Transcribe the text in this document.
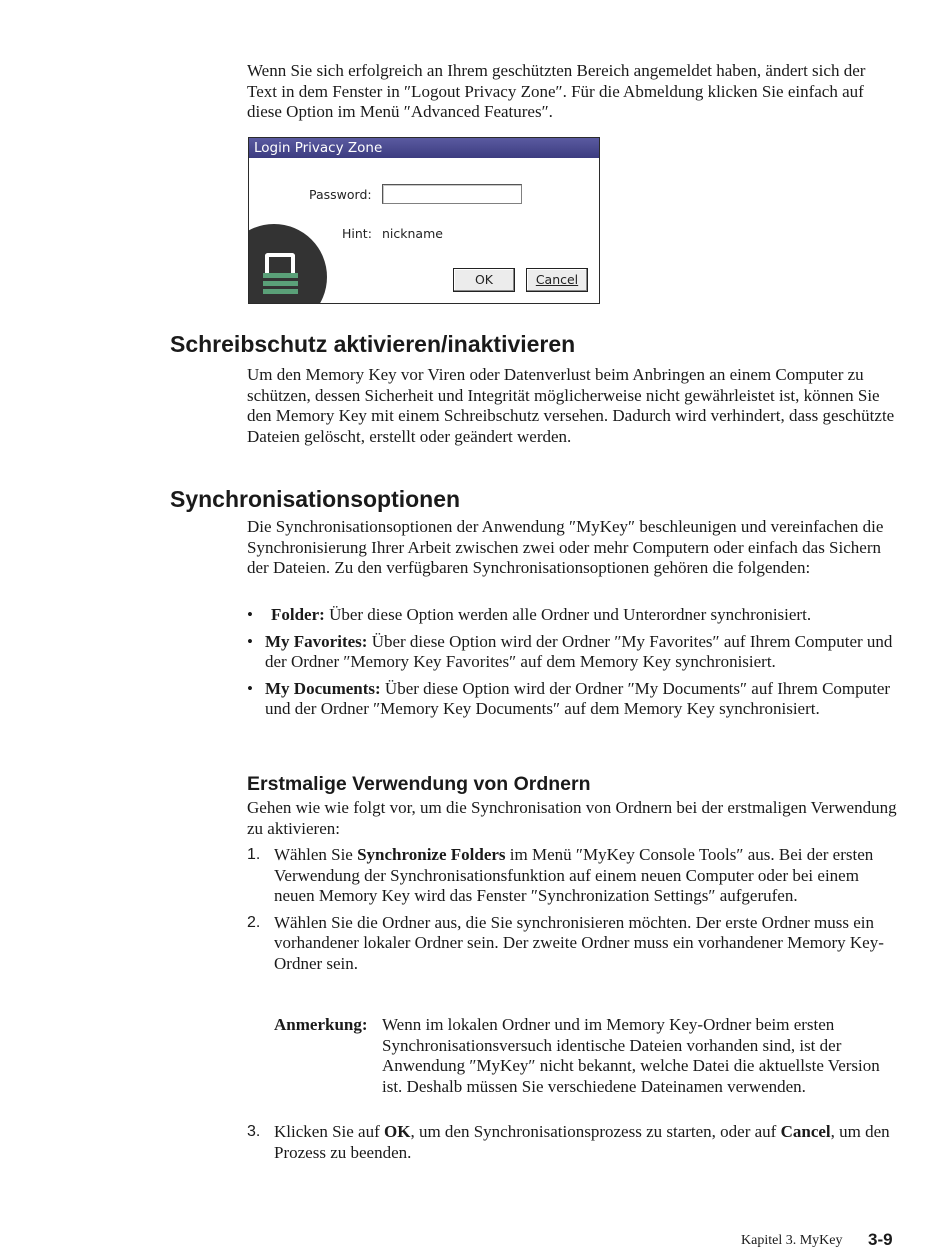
Wenn Sie sich erfolgreich an Ihrem geschützten Bereich angemeldet haben, ändert sich der Text in dem Fenster in ″Logout Privacy Zone″. Für die Abmeldung klicken Sie einfach auf diese Option im Menü ″Advanced Features″.

Login Privacy Zone
Password:
Hint: nickname
OK	Cancel
Schreibschutz aktivieren/inaktivieren

Um den Memory Key vor Viren oder Datenverlust beim Anbringen an einem Computer zu schützen, dessen Sicherheit und Integrität möglicherweise nicht gewährleistet ist, können Sie den Memory Key mit einem Schreibschutz versehen. Dadurch wird verhindert, dass geschützte Dateien gelöscht, erstellt oder geändert werden.

Synchronisationsoptionen

Die Synchronisationsoptionen der Anwendung ″MyKey″ beschleunigen und vereinfachen die Synchronisierung Ihrer Arbeit zwischen zwei oder mehr Computern oder einfach das Sichern der Dateien. Zu den verfügbaren Synchronisationsoptionen gehören die folgenden:

• Folder: Über diese Option werden alle Ordner und Unterordner synchronisiert.
• My Favorites: Über diese Option wird der Ordner ″My Favorites″ auf Ihrem Computer und der Ordner ″Memory Key Favorites″ auf dem Memory Key synchronisiert.
• My Documents: Über diese Option wird der Ordner ″My Documents″ auf Ihrem Computer und der Ordner ″Memory Key Documents″ auf dem Memory Key synchronisiert.
Erstmalige Verwendung von Ordnern

Gehen wie wie folgt vor, um die Synchronisation von Ordnern bei der erstmaligen Verwendung zu aktivieren:

1. Wählen Sie Synchronize Folders im Menü ″MyKey Console Tools″ aus. Bei der ersten Verwendung der Synchronisationsfunktion auf einem neuen Computer oder bei einem neuen Memory Key wird das Fenster ″Synchronization Settings″ aufgerufen.
2. Wählen Sie die Ordner aus, die Sie synchronisieren möchten. Der erste Ordner muss ein vorhandener lokaler Ordner sein. Der zweite Ordner muss ein vorhandener Memory Key-Ordner sein.
Anmerkung: Wenn im lokalen Ordner und im Memory Key-Ordner beim ersten Synchronisationsversuch identische Dateien vorhanden sind, ist der Anwendung ″MyKey″ nicht bekannt, welche Datei die aktuellste Version ist. Deshalb müssen Sie verschiedene Dateinamen verwenden.

3. Klicken Sie auf OK, um den Synchronisationsprozess zu starten, oder auf Cancel, um den Prozess zu beenden.
Kapitel 3. MyKey 3-9
